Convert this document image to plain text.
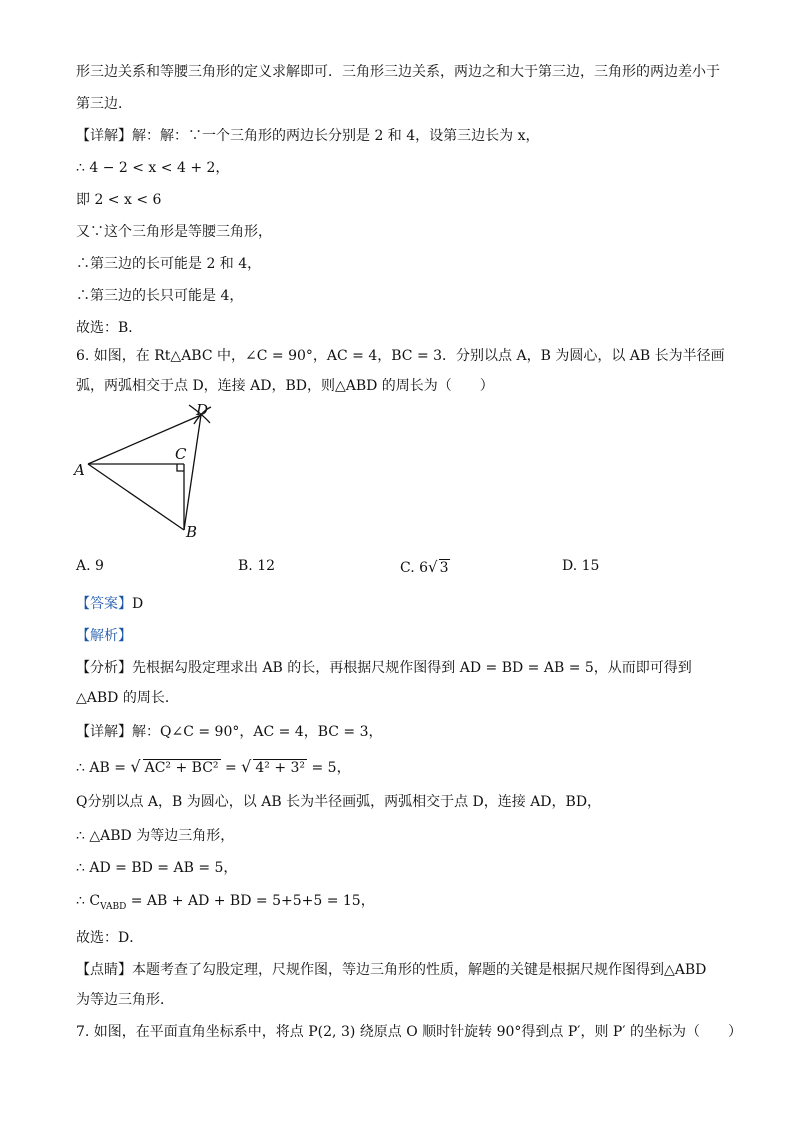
形三边关系和等腰三角形的定义求解即可．三角形三边关系，两边之和大于第三边，三角形的两边差小于
第三边．
【详解】解：解：∵一个三角形的两边长分别是 2 和 4，设第三边长为 x，
∴ 4 − 2 < x < 4 + 2，
即 2 < x < 6
又∵这个三角形是等腰三角形，
∴第三边的长可能是 2 和 4，
∴第三边的长只可能是 4，
故选：B．
6. 如图，在 Rt△ABC 中，∠C = 90°，AC = 4，BC = 3．分别以点 A，B 为圆心，以 AB 长为半径画
弧，两弧相交于点 D，连接 AD，BD，则△ABD 的周长为（　　）
D
C
A
B
A. 9	B. 12	C. 6√ 3	D. 15
【答案】D
【解析】
【分析】先根据勾股定理求出 AB 的长，再根据尺规作图得到 AD = BD = AB = 5，从而即可得到
△ABD 的周长．
【详解】解：Q∠C = 90°，AC = 4，BC = 3，
∴ AB = √ AC² + BC² = √ 4² + 3² = 5，
Q分别以点 A，B 为圆心，以 AB 长为半径画弧，两弧相交于点 D，连接 AD，BD，
∴ △ABD 为等边三角形，
∴ AD = BD = AB = 5，
∴ $C_{VABD}$ = AB + AD + BD = 5+5+5 = 15，
故选：D．
【点睛】本题考查了勾股定理，尺规作图，等边三角形的性质，解题的关键是根据尺规作图得到△ABD
为等边三角形．
7. 如图，在平面直角坐标系中，将点 P(2, 3) 绕原点 O 顺时针旋转 90°得到点 P′，则 P′ 的坐标为（　　）
